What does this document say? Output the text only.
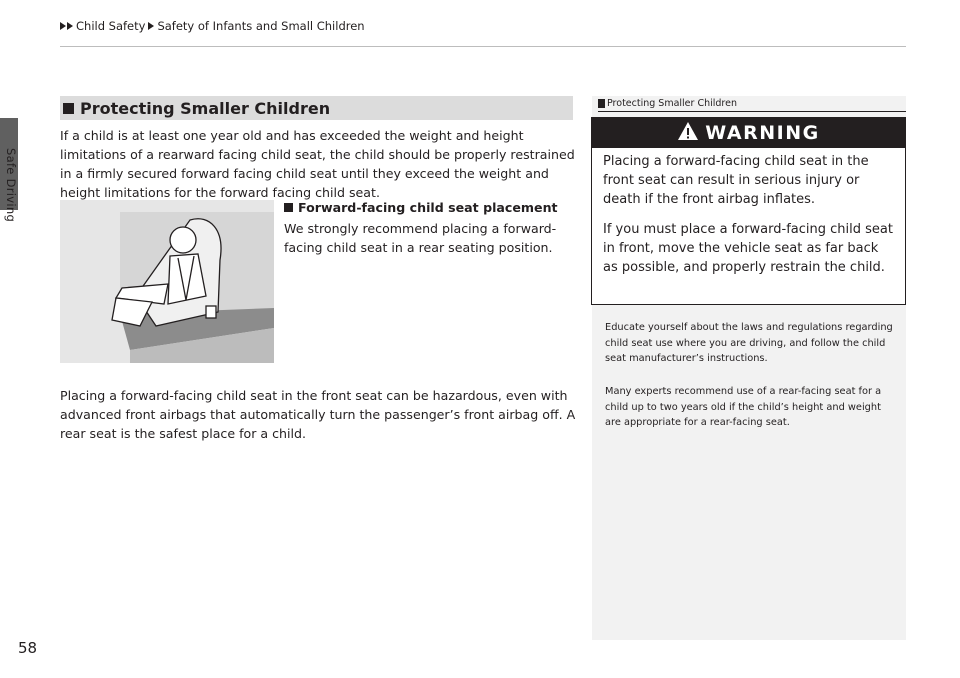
Child Safety Safety of Infants and Small Children
Safe Driving
Protecting Smaller Children
If a child is at least one year old and has exceeded the weight and height limitations of a rearward facing child seat, the child should be properly restrained in a firmly secured forward facing child seat until they exceed the weight and height limitations for the forward facing child seat.
Forward-facing child seat placement
We strongly recommend placing a forward-facing child seat in a rear seating position.
Placing a forward-facing child seat in the front seat can be hazardous, even with advanced front airbags that automatically turn the passenger’s front airbag off. A rear seat is the safest place for a child.
Protecting Smaller Children
WARNING
Placing a forward-facing child seat in the front seat can result in serious injury or death if the front airbag inflates.
If you must place a forward-facing child seat in front, move the vehicle seat as far back as possible, and properly restrain the child.
Educate yourself about the laws and regulations regarding child seat use where you are driving, and follow the child seat manufacturer’s instructions.
Many experts recommend use of a rear-facing seat for a child up to two years old if the child’s height and weight are appropriate for a rear-facing seat.
58
